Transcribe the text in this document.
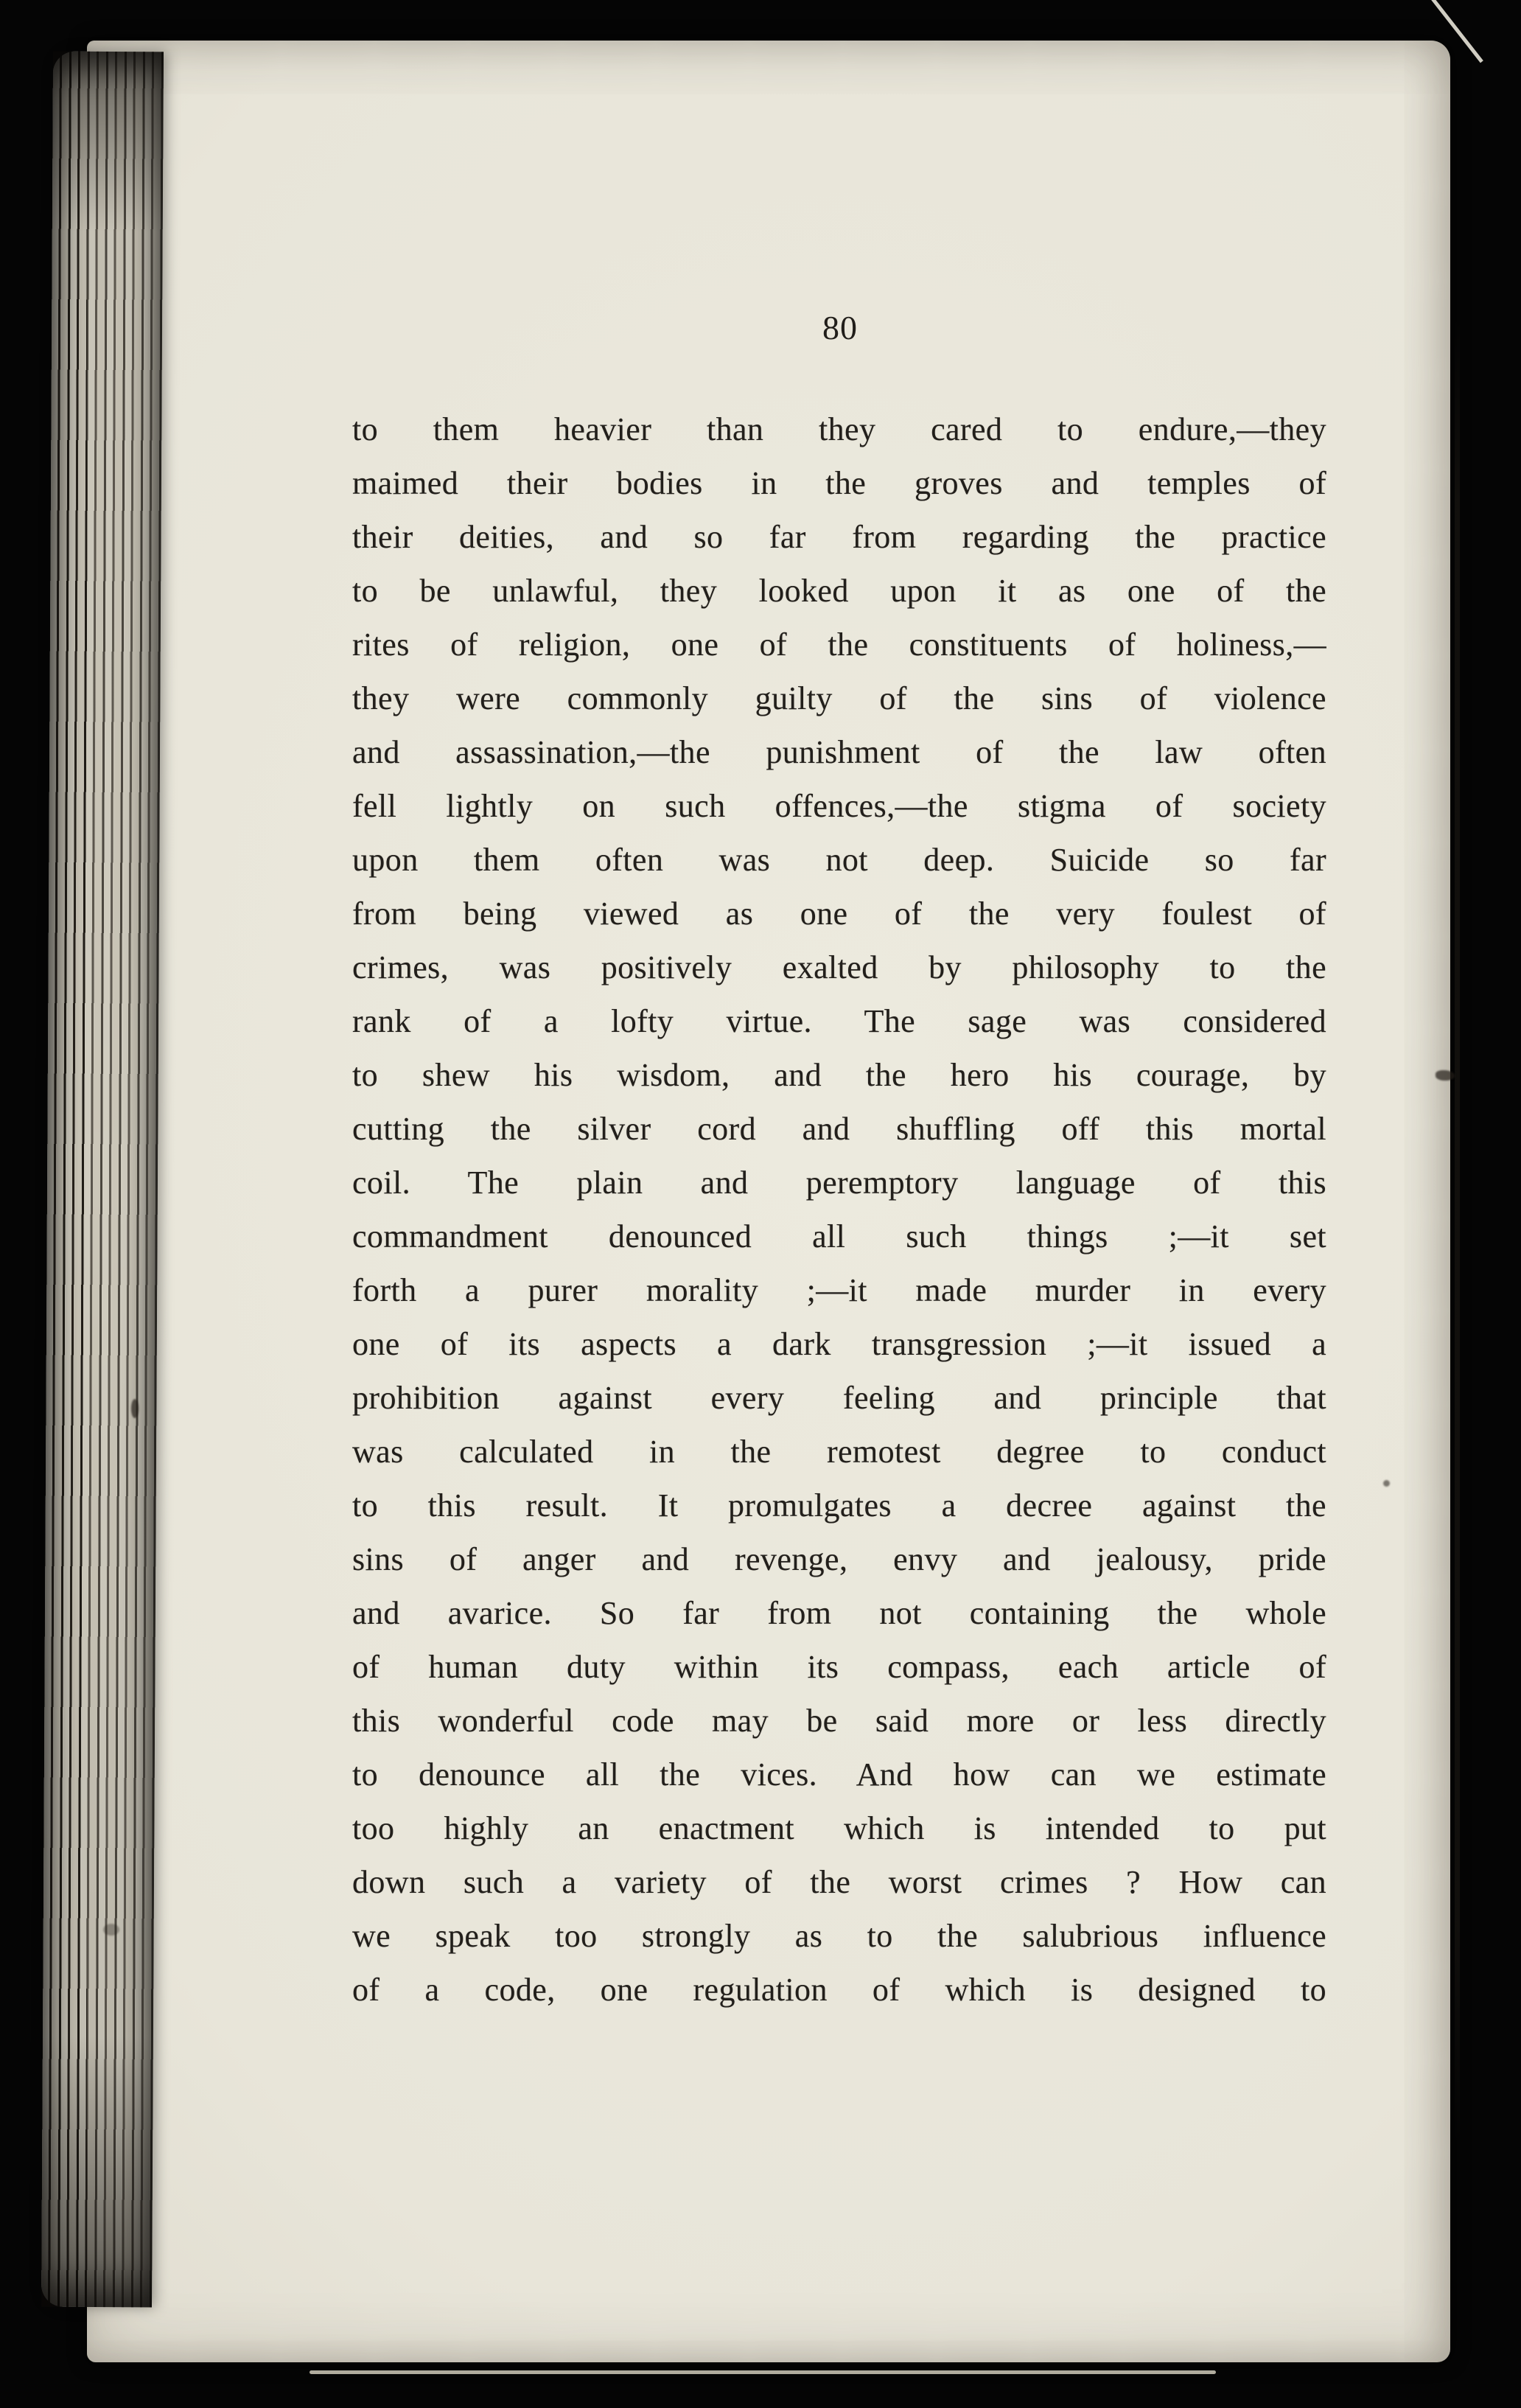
80
to them heavier than they cared to endure,—they
maimed their bodies in the groves and temples of
their deities, and so far from regarding the practice
to be unlawful, they looked upon it as one of the
rites of religion, one of the constituents of holiness,—
they were commonly guilty of the sins of violence
and assassination,—the punishment of the law often
fell lightly on such offences,—the stigma of society
upon them often was not deep. Suicide so far
from being viewed as one of the very foulest of
crimes, was positively exalted by philosophy to the
rank of a lofty virtue. The sage was considered
to shew his wisdom, and the hero his courage, by
cutting the silver cord and shuffling off this mortal
coil. The plain and peremptory language of this
commandment denounced all such things ;—it set
forth a purer morality ;—it made murder in every
one of its aspects a dark transgression ;—it issued a
prohibition against every feeling and principle that
was calculated in the remotest degree to conduct
to this result. It promulgates a decree against the
sins of anger and revenge, envy and jealousy, pride
and avarice. So far from not containing the whole
of human duty within its compass, each article of
this wonderful code may be said more or less directly
to denounce all the vices. And how can we estimate
too highly an enactment which is intended to put
down such a variety of the worst crimes ? How can
we speak too strongly as to the salubrious influence
of a code, one regulation of which is designed to
